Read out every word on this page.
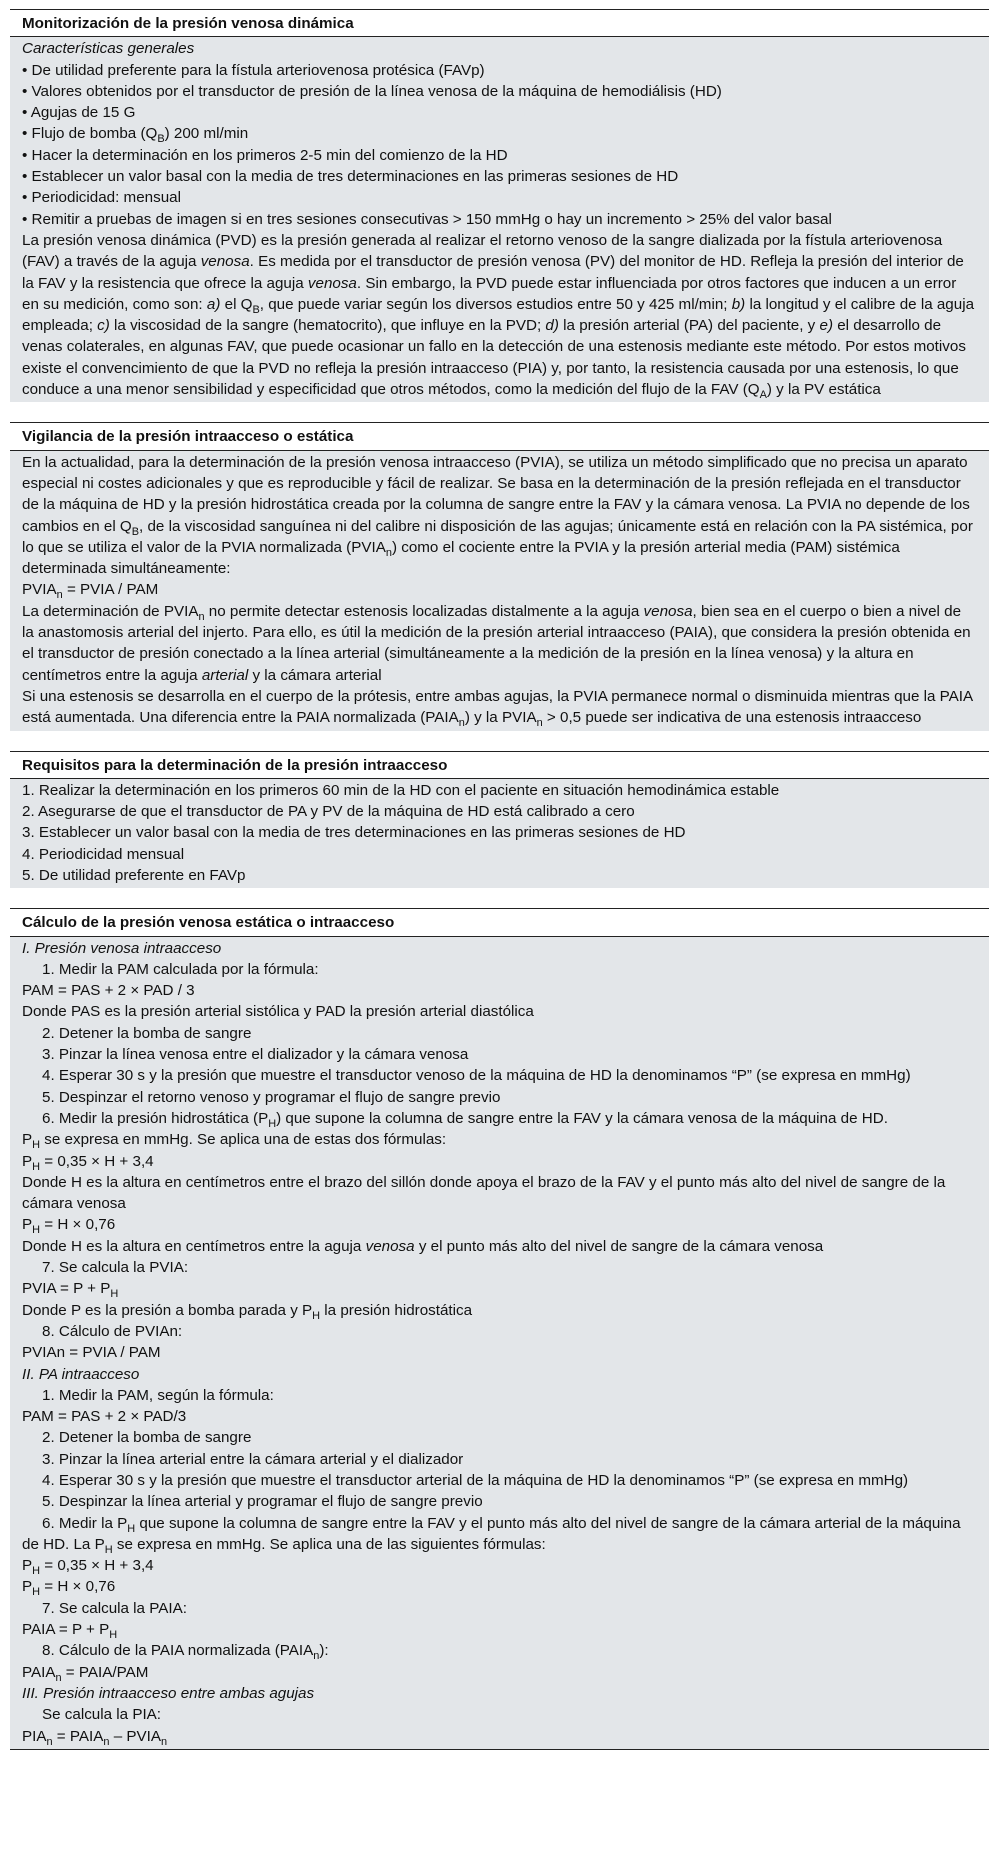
Monitorización de la presión venosa dinámica
Características generales
• De utilidad preferente para la fístula arteriovenosa protésica (FAVp)
• Valores obtenidos por el transductor de presión de la línea venosa de la máquina de hemodiálisis (HD)
• Agujas de 15 G
• Flujo de bomba $(Q_B)$ 200 ml/min
• Hacer la determinación en los primeros 2-5 min del comienzo de la HD
• Establecer un valor basal con la media de tres determinaciones en las primeras sesiones de HD
• Periodicidad: mensual
• Remitir a pruebas de imagen si en tres sesiones consecutivas > 150 mmHg o hay un incremento > 25% del valor basal
La presión venosa dinámica (PVD) es la presión generada al realizar el retorno venoso de la sangre dializada por la fístula arteriovenosa (FAV) a través de la aguja venosa. Es medida por el transductor de presión venosa (PV) del monitor de HD. Refleja la presión del interior de la FAV y la resistencia que ofrece la aguja venosa. Sin embargo, la PVD puede estar influenciada por otros factores que inducen a un error en su medición, como son: a) el $Q_B$, que puede variar según los diversos estudios entre 50 y 425 ml/min; b) la longitud y el calibre de la aguja empleada; c) la viscosidad de la sangre (hematocrito), que influye en la PVD; d) la presión arterial (PA) del paciente, y e) el desarrollo de venas colaterales, en algunas FAV, que puede ocasionar un fallo en la detección de una estenosis mediante este método. Por estos motivos existe el convencimiento de que la PVD no refleja la presión intraacceso (PIA) y, por tanto, la resistencia causada por una estenosis, lo que conduce a una menor sensibilidad y especificidad que otros métodos, como la medición del flujo de la FAV $(Q_A)$ y la PV estática
Vigilancia de la presión intraacceso o estática
En la actualidad, para la determinación de la presión venosa intraacceso (PVIA), se utiliza un método simplificado que no precisa un aparato especial ni costes adicionales y que es reproducible y fácil de realizar. Se basa en la determinación de la presión reflejada en el transductor de la máquina de HD y la presión hidrostática creada por la columna de sangre entre la FAV y la cámara venosa. La PVIA no depende de los cambios en el $Q_B$, de la viscosidad sanguínea ni del calibre ni disposición de las agujas; únicamente está en relación con la PA sistémica, por lo que se utiliza el valor de la PVIA normalizada $(PVIA_n)$ como el cociente entre la PVIA y la presión arterial media (PAM) sistémica determinada simultáneamente:
$PVIA_n$ = PVIA / PAM
La determinación de $PVIA_n$ no permite detectar estenosis localizadas distalmente a la aguja venosa, bien sea en el cuerpo o bien a nivel de la anastomosis arterial del injerto. Para ello, es útil la medición de la presión arterial intraacceso (PAIA), que considera la presión obtenida en el transductor de presión conectado a la línea arterial (simultáneamente a la medición de la presión en la línea venosa) y la altura en centímetros entre la aguja arterial y la cámara arterial
Si una estenosis se desarrolla en el cuerpo de la prótesis, entre ambas agujas, la PVIA permanece normal o disminuida mientras que la PAIA está aumentada. Una diferencia entre la PAIA normalizada $(PAIA_n)$ y la $PVIA_n > 0,5$ puede ser indicativa de una estenosis intraacceso
Requisitos para la determinación de la presión intraacceso
1. Realizar la determinación en los primeros 60 min de la HD con el paciente en situación hemodinámica estable
2. Asegurarse de que el transductor de PA y PV de la máquina de HD está calibrado a cero
3. Establecer un valor basal con la media de tres determinaciones en las primeras sesiones de HD
4. Periodicidad mensual
5. De utilidad preferente en FAVp
Cálculo de la presión venosa estática o intraacceso
I. Presión venosa intraacceso
1. Medir la PAM calculada por la fórmula:
PAM = PAS + 2 × PAD / 3
Donde PAS es la presión arterial sistólica y PAD la presión arterial diastólica
2. Detener la bomba de sangre
3. Pinzar la línea venosa entre el dializador y la cámara venosa
4. Esperar 30 s y la presión que muestre el transductor venoso de la máquina de HD la denominamos “P” (se expresa en mmHg)
5. Despinzar el retorno venoso y programar el flujo de sangre previo
6. Medir la presión hidrostática $(P_H)$ que supone la columna de sangre entre la FAV y la cámara venosa de la máquina de HD.
$P_H$ se expresa en mmHg. Se aplica una de estas dos fórmulas:
$P_H = 0,35 \times H + 3,4$
Donde H es la altura en centímetros entre el brazo del sillón donde apoya el brazo de la FAV y el punto más alto del nivel de sangre de la cámara venosa
$P_H = H \times 0,76$
Donde H es la altura en centímetros entre la aguja venosa y el punto más alto del nivel de sangre de la cámara venosa
7. Se calcula la PVIA:
PVIA = $P + P_H$
Donde P es la presión a bomba parada y $P_H$ la presión hidrostática
8. Cálculo de PVIAn:
PVIAn = PVIA / PAM
II. PA intraacceso
1. Medir la PAM, según la fórmula:
PAM = PAS + 2 × PAD/3
2. Detener la bomba de sangre
3. Pinzar la línea arterial entre la cámara arterial y el dializador
4. Esperar 30 s y la presión que muestre el transductor arterial de la máquina de HD la denominamos “P” (se expresa en mmHg)
5. Despinzar la línea arterial y programar el flujo de sangre previo
6. Medir la $P_H$ que supone la columna de sangre entre la FAV y el punto más alto del nivel de sangre de la cámara arterial de la máquina de HD. La $P_H$ se expresa en mmHg. Se aplica una de las siguientes fórmulas:
$P_H = 0,35 \times H + 3,4$
$P_H = H \times 0,76$
7. Se calcula la PAIA:
PAIA = $P + P_H$
8. Cálculo de la PAIA normalizada $(PAIA_n)$:
$PAIA_n$ = PAIA/PAM
III. Presión intraacceso entre ambas agujas
Se calcula la PIA:
$PIA_n$ = $PAIA_n$ – $PVIA_n$
